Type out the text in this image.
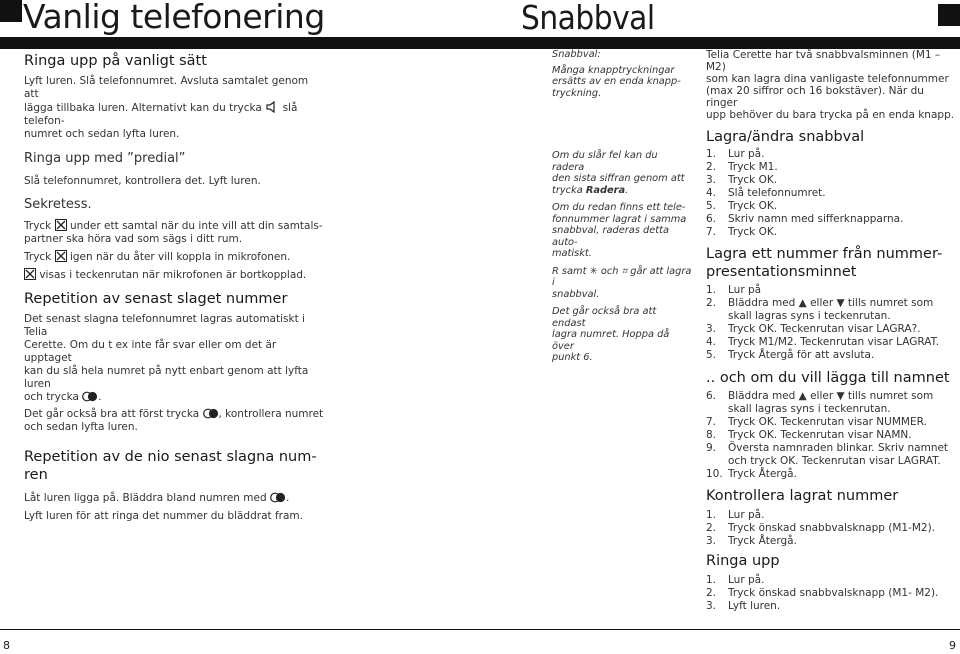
Vanlig telefonering	Snabbval
Ringa upp på vanligt sätt
Lyft luren. Slå telefonnumret. Avsluta samtalet genom att
lägga tillbaka luren. Alternativt kan du trycka slå telefon-
numret och sedan lyfta luren.
Ringa upp med ”predial”
Slå telefonnumret, kontrollera det. Lyft luren.
Sekretess.
Tryck under ett samtal när du inte vill att din samtals-
partner ska höra vad som sägs i ditt rum.
Tryck igen när du åter vill koppla in mikrofonen.
visas i teckenrutan när mikrofonen är bortkopplad.
Repetition av senast slaget nummer
Det senast slagna telefonnumret lagras automatiskt i Telia
Cerette. Om du t ex inte får svar eller om det är upptaget
kan du slå hela numret på nytt enbart genom att lyfta luren
och trycka .
Det går också bra att först trycka , kontrollera numret
och sedan lyfta luren.
Repetition av de nio senast slagna num-
ren
Låt luren ligga på. Bläddra bland numren med .
Lyft luren för att ringa det nummer du bläddrat fram.
Snabbval:
Många knapptryckningar
ersätts av en enda knapp-
tryckning.
Om du slår fel kan du radera
den sista siffran genom att
trycka Radera.
Om du redan finns ett tele-
fonnummer lagrat i samma
snabbval, raderas detta auto-
matiskt.
R samt ✳ och ⌗ går att lagra i
snabbval.
Det går också bra att endast
lagra numret. Hoppa då över
punkt 6.
Telia Cerette har två snabbvalsminnen (M1 – M2)
som kan lagra dina vanligaste telefonnummer
(max 20 siffror och 16 bokstäver). När du ringer
upp behöver du bara trycka på en enda knapp.
Lagra/ändra snabbval
1.	Lur på.
2.	Tryck M1.
3.	Tryck OK.
4.	Slå telefonnumret.
5.	Tryck OK.
6.	Skriv namn med sifferknapparna.
7.	Tryck OK.
Lagra ett nummer från nummer-
presentationsminnet
1.	Lur på
2.	Bläddra med ▲ eller ▼ tills numret som skall lagras syns i teckenrutan.
3.	Tryck OK. Teckenrutan visar LAGRA?.
4.	Tryck M1/M2. Teckenrutan visar LAGRAT.
5.	Tryck Återgå för att avsluta.
.. och om du vill lägga till namnet
6.	Bläddra med ▲ eller ▼ tills numret som skall lagras syns i teckenrutan.
7.	Tryck OK. Teckenrutan visar NUMMER.
8.	Tryck OK. Teckenrutan visar NAMN.
9.	Översta namnraden blinkar. Skriv namnet och tryck OK. Teckenrutan visar LAGRAT.
10. Tryck Återgå.
Kontrollera lagrat nummer
1.	Lur på.
2.	Tryck önskad snabbvalsknapp (M1-M2).
3.	Tryck Återgå.
Ringa upp
1.	Lur på.
2.	Tryck önskad snabbvalsknapp (M1- M2).
3.	Lyft luren.
8	9
